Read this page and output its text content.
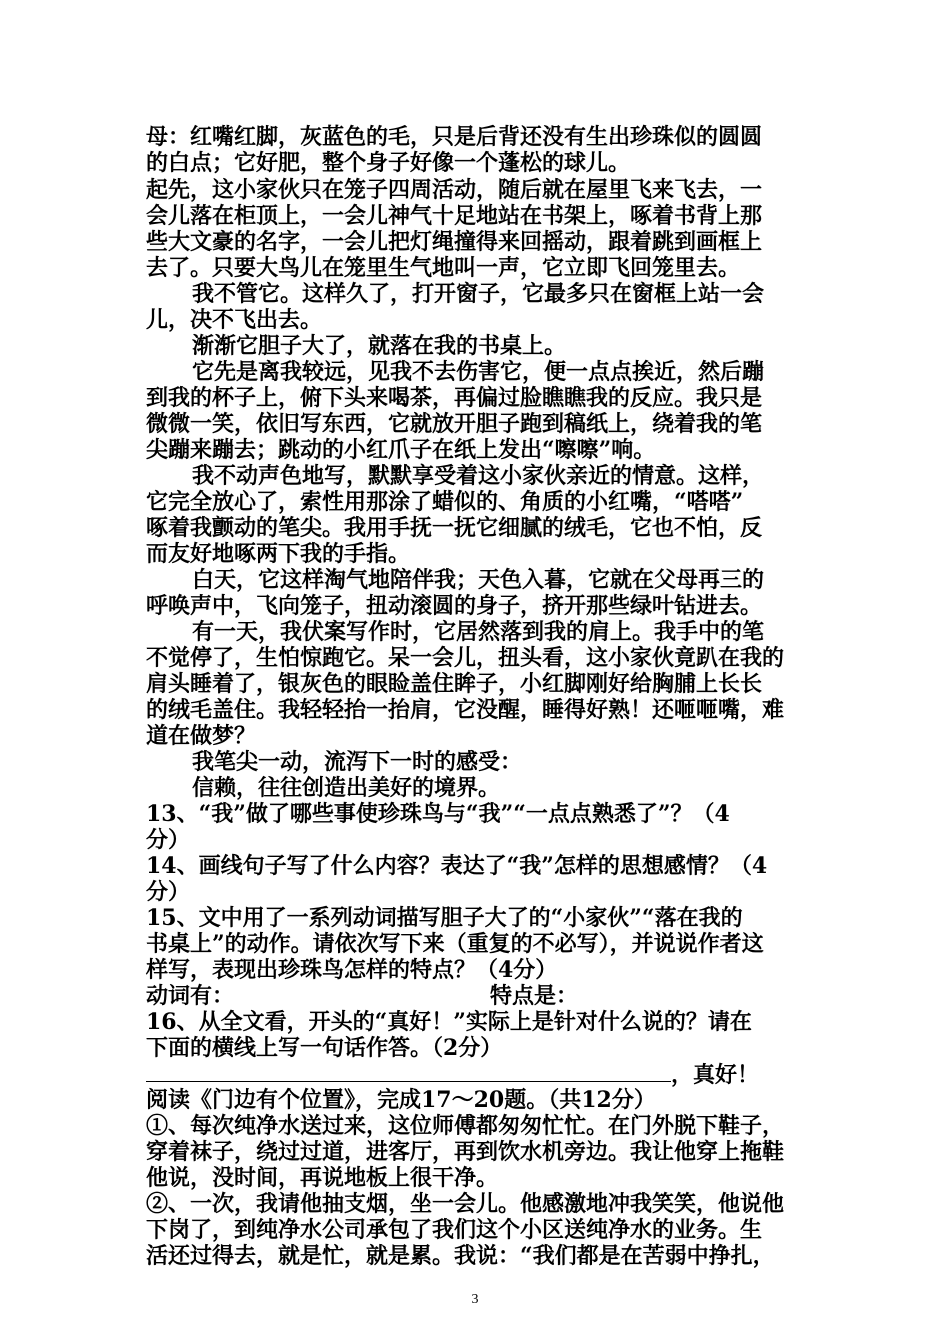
母：红嘴红脚，灰蓝色的毛，只是后背还没有生出珍珠似的圆圆
的白点；它好肥，整个身子好像一个蓬松的球儿。
起先，这小家伙只在笼子四周活动，随后就在屋里飞来飞去，一
会儿落在柜顶上，一会儿神气十足地站在书架上，啄着书背上那
些大文豪的名字，一会儿把灯绳撞得来回摇动，跟着跳到画框上
去了。只要大鸟儿在笼里生气地叫一声，它立即飞回笼里去。
我不管它。这样久了，打开窗子，它最多只在窗框上站一会
儿，决不飞出去。
渐渐它胆子大了，就落在我的书桌上。
它先是离我较远，见我不去伤害它，便一点点挨近，然后蹦
到我的杯子上，俯下头来喝茶，再偏过脸瞧瞧我的反应。我只是
微微一笑，依旧写东西，它就放开胆子跑到稿纸上，绕着我的笔
尖蹦来蹦去；跳动的小红爪子在纸上发出“嚓嚓”响。
我不动声色地写，默默享受着这小家伙亲近的情意。这样，
它完全放心了，索性用那涂了蜡似的、角质的小红嘴，“嗒嗒”
啄着我颤动的笔尖。我用手抚一抚它细腻的绒毛，它也不怕，反
而友好地啄两下我的手指。
白天，它这样淘气地陪伴我；天色入暮，它就在父母再三的
呼唤声中，飞向笼子，扭动滚圆的身子，挤开那些绿叶钻进去。
有一天，我伏案写作时，它居然落到我的肩上。我手中的笔
不觉停了，生怕惊跑它。呆一会儿，扭头看，这小家伙竟趴在我的
肩头睡着了，银灰色的眼睑盖住眸子，小红脚刚好给胸脯上长长
的绒毛盖住。我轻轻抬一抬肩，它没醒，睡得好熟！还咂咂嘴，难
道在做梦？
我笔尖一动，流泻下一时的感受：
信赖，往往创造出美好的境界。
13、“我”做了哪些事使珍珠鸟与“我”“一点点熟悉了”？（4
分）
14、画线句子写了什么内容？表达了“我”怎样的思想感情？（4
分）
15、文中用了一系列动词描写胆子大了的“小家伙”“落在我的
书桌上”的动作。请依次写下来（重复的不必写），并说说作者这
样写，表现出珍珠鸟怎样的特点？（4分）
动词有：	特点是：
16、从全文看，开头的“真好！”实际上是针对什么说的？请在
下面的横线上写一句话作答。（2分）
，真好！
阅读《门边有个位置》，完成17～20题。（共12分）
①、每次纯净水送过来，这位师傅都匆匆忙忙。在门外脱下鞋子，
穿着袜子，绕过过道，进客厅，再到饮水机旁边。我让他穿上拖鞋
他说，没时间，再说地板上很干净。
②、一次，我请他抽支烟，坐一会儿。他感激地冲我笑笑，他说他
下岗了，到纯净水公司承包了我们这个小区送纯净水的业务。生
活还过得去，就是忙，就是累。我说：“我们都是在苦弱中挣扎，
3
